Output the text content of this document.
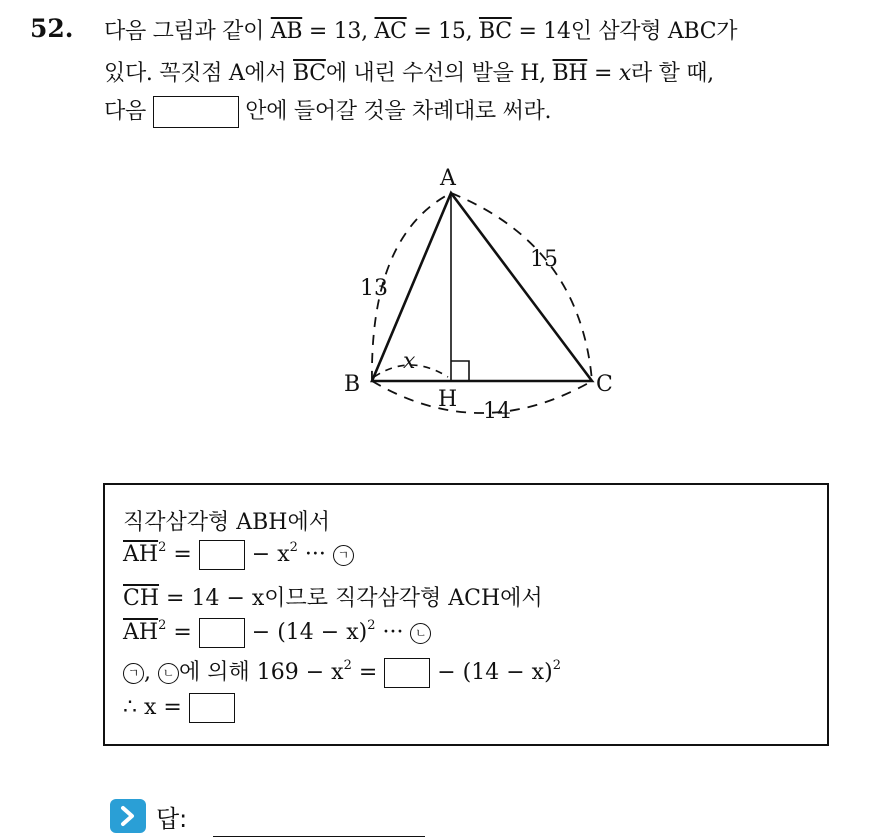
52. 다음 그림과 같이 $\overline{AB} = 13$, $\overline{AC} = 15$, $\overline{BC} = 14$인 삼각형 ABC가
있다. 꼭짓점 A에서 $\overline{BC}$에 내린 수선의 발을 H, $\overline{BH} = x$라 할 때,
다음	안에 들어갈 것을 차례대로 써라.
A
B	C
H
13
15
14
x
직각삼각형 ABH에서
$\overline{AH}^2$ =  − $x^2$ ··· ㄱ
$\overline{CH} = 14 - x$이므로 직각삼각형 ACH에서
$\overline{AH}^2$ =  − $(14 - x)^2$ ··· ㄴ
ㄱ , ㄴ 에 의해 $169 - x^2$ =  − $(14 - x)^2$
∴ x =
답:
